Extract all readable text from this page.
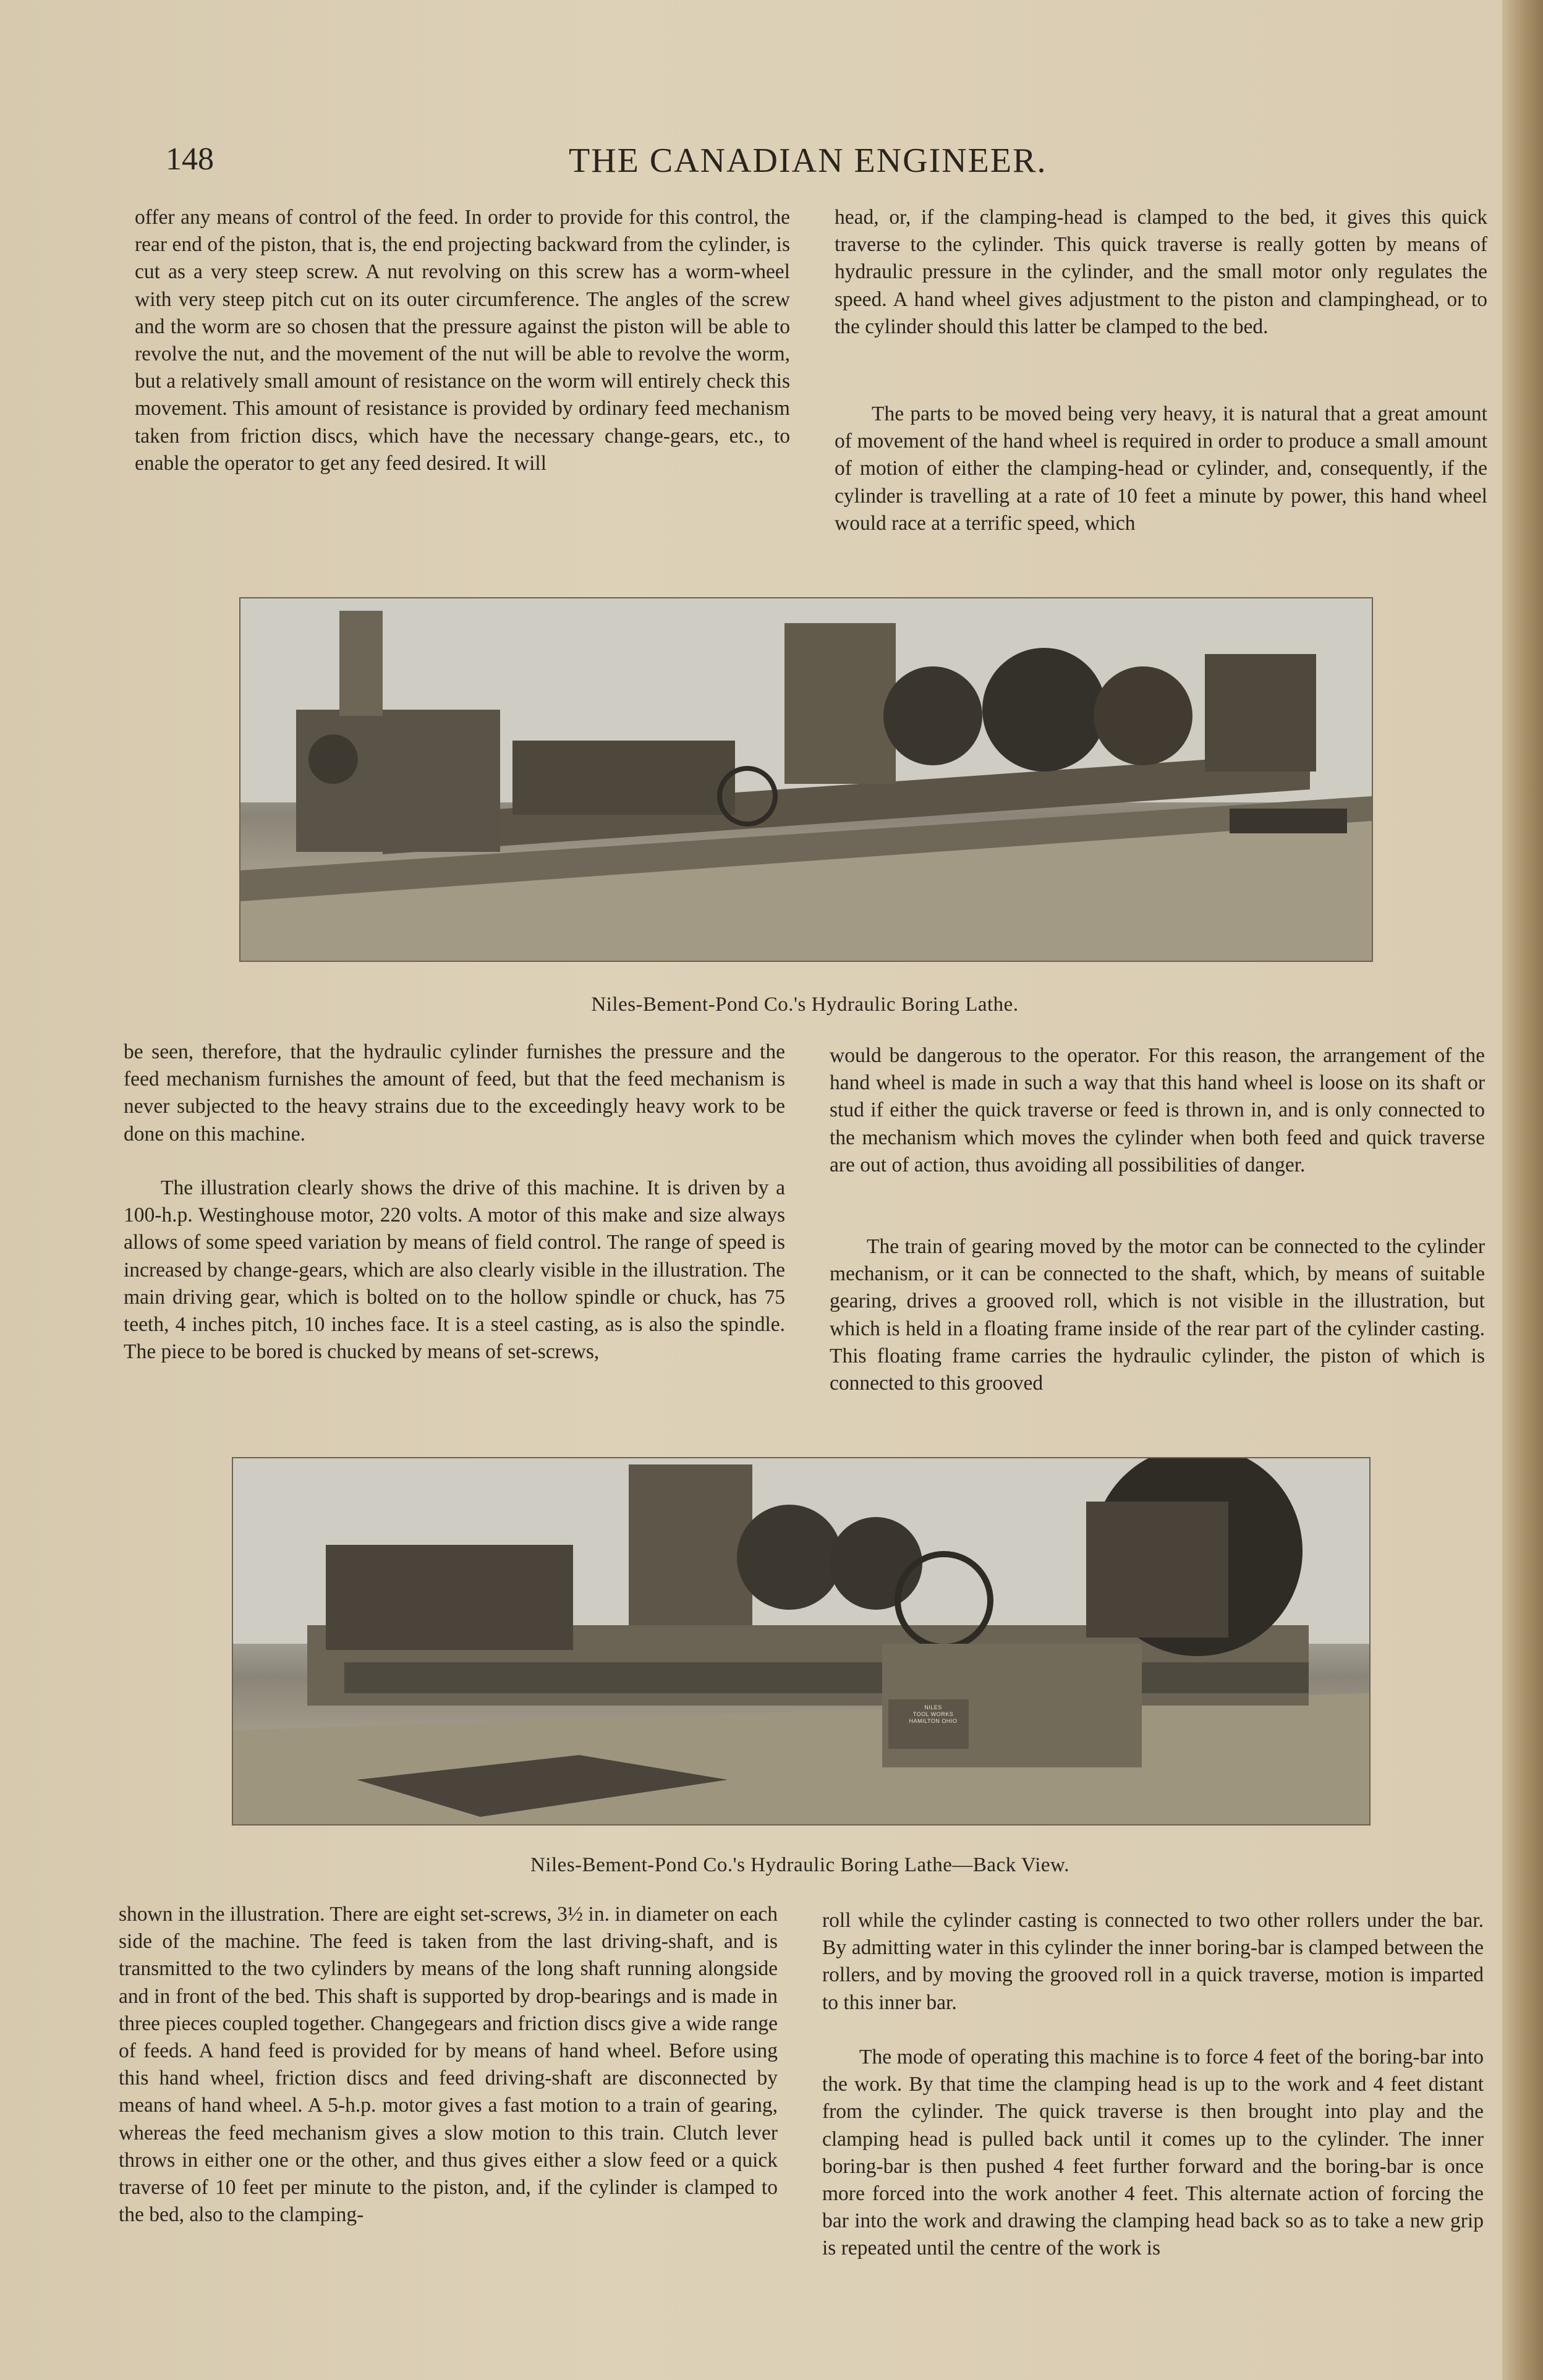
148	THE CANADIAN ENGINEER.
offer any means of control of the feed. In order to provide for this control, the rear end of the piston, that is, the end projecting backward from the cylinder, is cut as a very steep screw. A nut revolving on this screw has a worm-wheel with very steep pitch cut on its outer circumference. The angles of the screw and the worm are so chosen that the pressure against the piston will be able to revolve the nut, and the movement of the nut will be able to revolve the worm, but a relatively small amount of resistance on the worm will entirely check this movement. This amount of resistance is provided by ordinary feed mechanism taken from friction discs, which have the necessary change-gears, etc., to enable the operator to get any feed desired. It will
head, or, if the clamping-head is clamped to the bed, it gives this quick traverse to the cylinder. This quick traverse is really gotten by means of hydraulic pressure in the cylinder, and the small motor only regulates the speed. A hand wheel gives adjustment to the piston and clampinghead, or to the cylinder should this latter be clamped to the bed.
The parts to be moved being very heavy, it is natural that a great amount of movement of the hand wheel is required in order to produce a small amount of motion of either the clamping-head or cylinder, and, consequently, if the cylinder is travelling at a rate of 10 feet a minute by power, this hand wheel would race at a terrific speed, which
Niles-Bement-Pond Co.'s Hydraulic Boring Lathe.
be seen, therefore, that the hydraulic cylinder furnishes the pressure and the feed mechanism furnishes the amount of feed, but that the feed mechanism is never subjected to the heavy strains due to the exceedingly heavy work to be done on this machine.
The illustration clearly shows the drive of this machine. It is driven by a 100-h.p. Westinghouse motor, 220 volts. A motor of this make and size always allows of some speed variation by means of field control. The range of speed is increased by change-gears, which are also clearly visible in the illustration. The main driving gear, which is bolted on to the hollow spindle or chuck, has 75 teeth, 4 inches pitch, 10 inches face. It is a steel casting, as is also the spindle. The piece to be bored is chucked by means of set-screws,
would be dangerous to the operator. For this reason, the arrangement of the hand wheel is made in such a way that this hand wheel is loose on its shaft or stud if either the quick traverse or feed is thrown in, and is only connected to the mechanism which moves the cylinder when both feed and quick traverse are out of action, thus avoiding all possibilities of danger.
The train of gearing moved by the motor can be connected to the cylinder mechanism, or it can be connected to the shaft, which, by means of suitable gearing, drives a grooved roll, which is not visible in the illustration, but which is held in a floating frame inside of the rear part of the cylinder casting. This floating frame carries the hydraulic cylinder, the piston of which is connected to this grooved
NILES
TOOL WORKS
HAMILTON OHIO
Niles-Bement-Pond Co.'s Hydraulic Boring Lathe—Back View.
shown in the illustration. There are eight set-screws, 3½ in. in diameter on each side of the machine. The feed is taken from the last driving-shaft, and is transmitted to the two cylinders by means of the long shaft running alongside and in front of the bed. This shaft is supported by drop-bearings and is made in three pieces coupled together. Changegears and friction discs give a wide range of feeds. A hand feed is provided for by means of hand wheel. Before using this hand wheel, friction discs and feed driving-shaft are disconnected by means of hand wheel. A 5-h.p. motor gives a fast motion to a train of gearing, whereas the feed mechanism gives a slow motion to this train. Clutch lever throws in either one or the other, and thus gives either a slow feed or a quick traverse of 10 feet per minute to the piston, and, if the cylinder is clamped to the bed, also to the clamping-
roll while the cylinder casting is connected to two other rollers under the bar. By admitting water in this cylinder the inner boring-bar is clamped between the rollers, and by moving the grooved roll in a quick traverse, motion is imparted to this inner bar.
The mode of operating this machine is to force 4 feet of the boring-bar into the work. By that time the clamping head is up to the work and 4 feet distant from the cylinder. The quick traverse is then brought into play and the clamping head is pulled back until it comes up to the cylinder. The inner boring-bar is then pushed 4 feet further forward and the boring-bar is once more forced into the work another 4 feet. This alternate action of forcing the bar into the work and drawing the clamping head back so as to take a new grip is repeated until the centre of the work is
